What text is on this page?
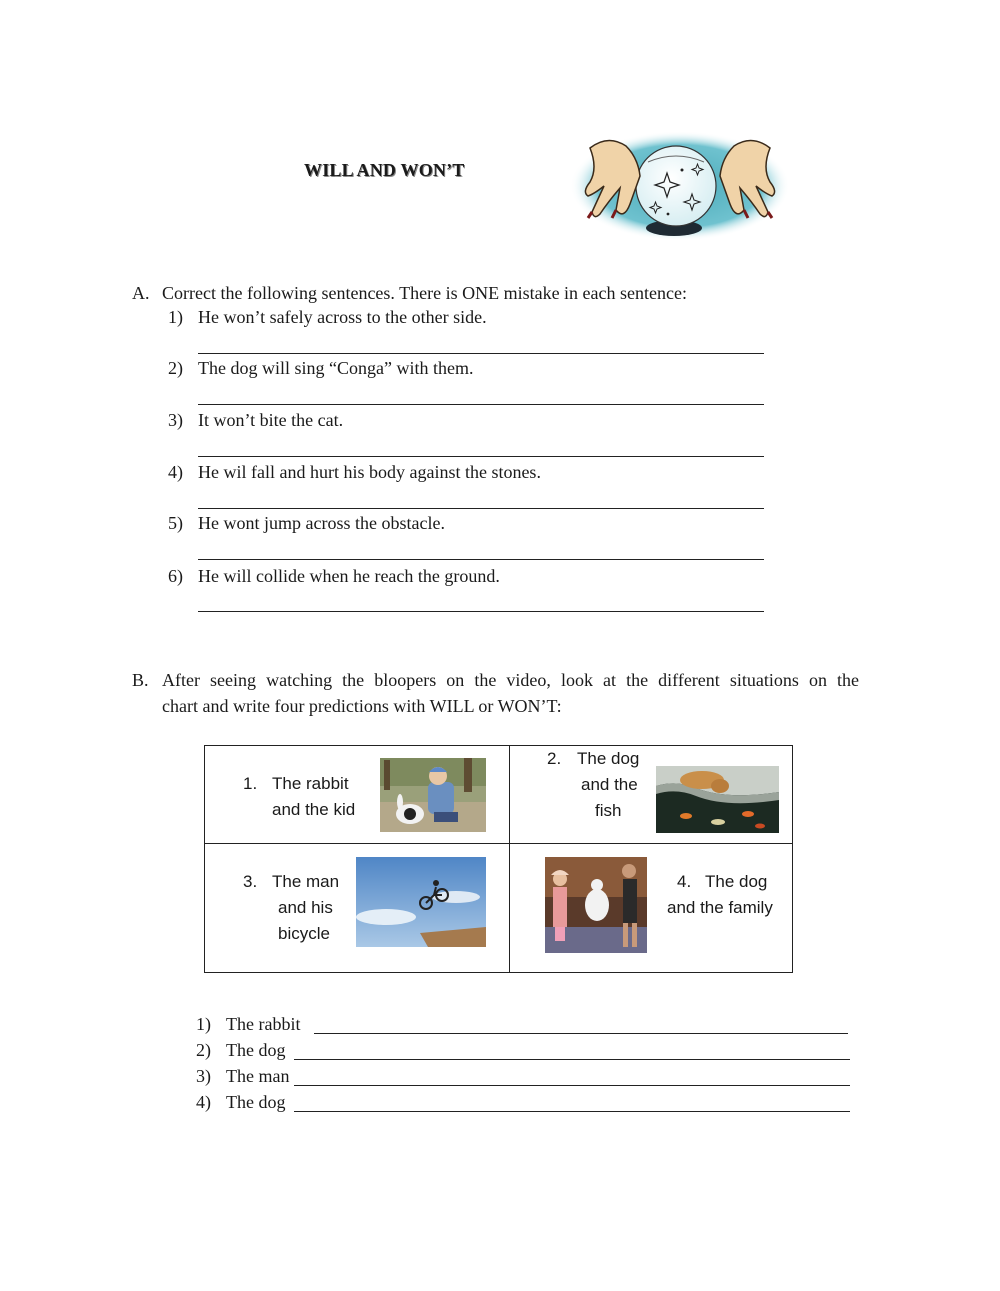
WILL AND WON’T
A. Correct the following sentences. There is ONE mistake in each sentence:
1) He won’t safely across to the other side.
2) The dog will sing “Conga” with them.
3) It won’t bite the cat.
4) He wil fall and hurt his body against the stones.
5) He wont jump across the obstacle.
6) He will collide when he reach the ground.
B. After seeing watching the bloopers on the video, look at the different situations on the
chart and write four predictions with WILL or WON’T:
1. The rabbit
and the kid
2. The dog
and the
fish
3. The man
and his
bicycle
4. The dog
and the family
1) The rabbit
2) The dog
3) The man
4) The dog
